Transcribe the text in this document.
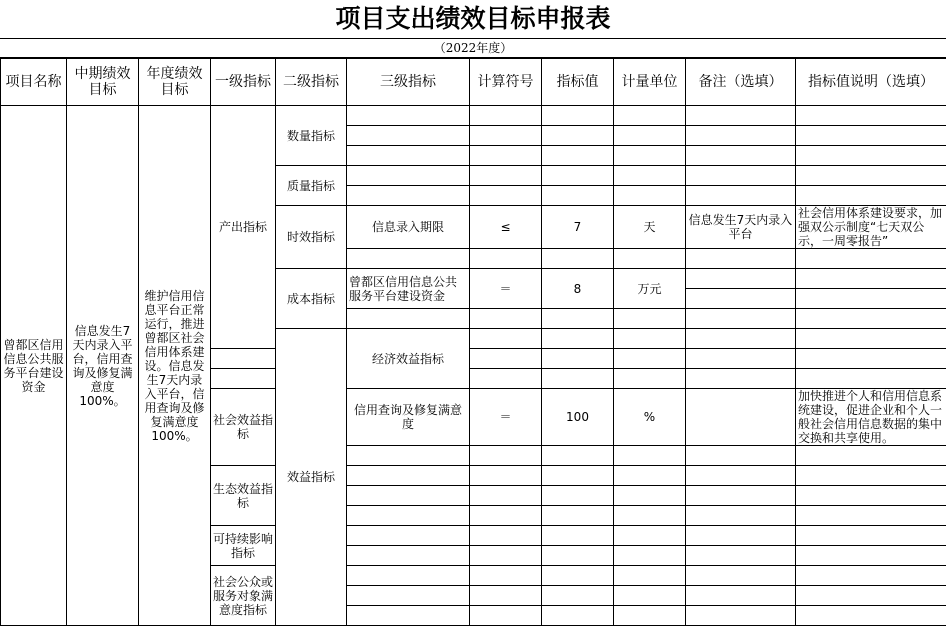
项目支出绩效目标申报表
（2022年度）
项目名称	中期绩效目标	年度绩效目标	一级指标	二级指标	三级指标	计算符号	指标值	计量单位	备注（选填）	指标值说明（选填）	
曾都区信用信息公共服务平台建设资金	信息发生7天内录入平台，信用查询及修复满意度100%。	维护信用信息平台正常运行，推进曾都区社会信用体系建设。信息发生7天内录入平台，信用查询及修复满意度100%。	产出指标	数量指标							

				质量指标							

				时效指标	信息录入期限	≤	7	天	信息发生7天内录入平台	社会信用体系建设要求，加强双公示制度“七天双公示，一周零报告”	

				成本指标	曾都区信用信息公共服务平台建设资金	＝	8	万元			

				效益指标	经济效益指标						

			社会效益指标		信用查询及修复满意度	＝	100	%		加快推进个人和信用信息系统建设，促进企业和个人一般社会信用信息数据的集中交换和共享使用。	

			生态效益指标								

			可持续影响指标								

			社会公众或服务对象满意度指标								
